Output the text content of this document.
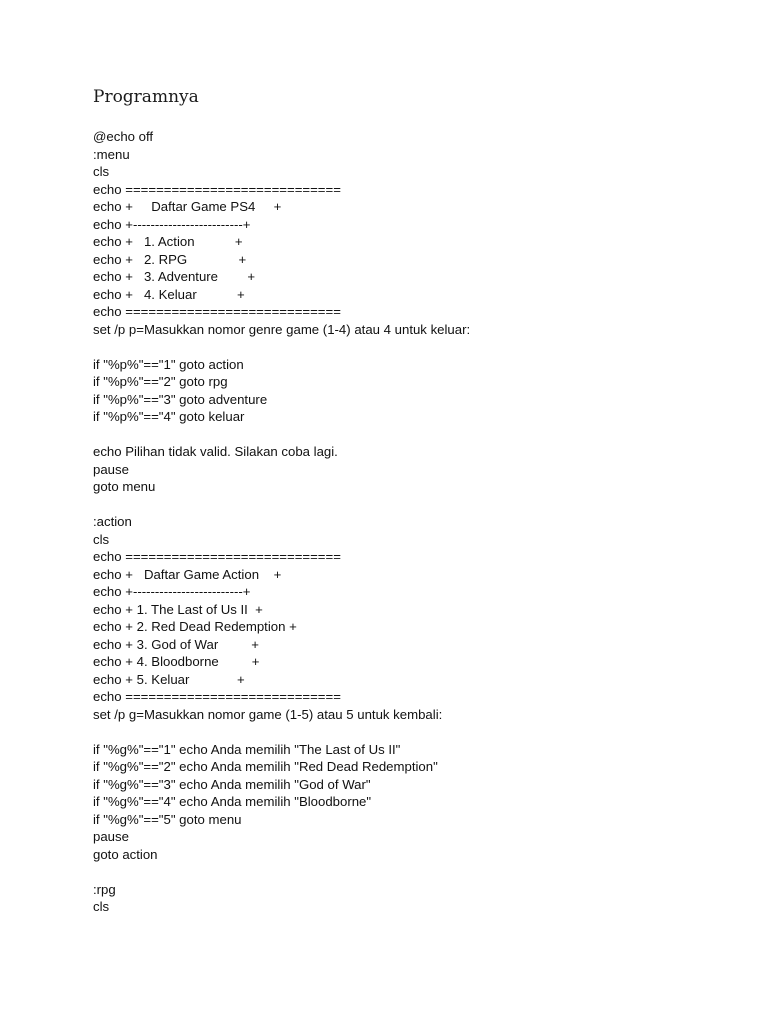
Programnya
@echo off
:menu
cls
echo ============================
echo +     Daftar Game PS4     +
echo +-------------------------+
echo +   1. Action           +
echo +   2. RPG              +
echo +   3. Adventure        +
echo +   4. Keluar           +
echo ============================
set /p p=Masukkan nomor genre game (1-4) atau 4 untuk keluar:
if "%p%"=="1" goto action
if "%p%"=="2" goto rpg
if "%p%"=="3" goto adventure
if "%p%"=="4" goto keluar
echo Pilihan tidak valid. Silakan coba lagi.
pause
goto menu
:action
cls
echo ============================
echo +   Daftar Game Action    +
echo +-------------------------+
echo + 1. The Last of Us II  +
echo + 2. Red Dead Redemption +
echo + 3. God of War         +
echo + 4. Bloodborne         +
echo + 5. Keluar             +
echo ============================
set /p g=Masukkan nomor game (1-5) atau 5 untuk kembali:
if "%g%"=="1" echo Anda memilih "The Last of Us II"
if "%g%"=="2" echo Anda memilih "Red Dead Redemption"
if "%g%"=="3" echo Anda memilih "God of War"
if "%g%"=="4" echo Anda memilih "Bloodborne"
if "%g%"=="5" goto menu
pause
goto action
:rpg
cls
